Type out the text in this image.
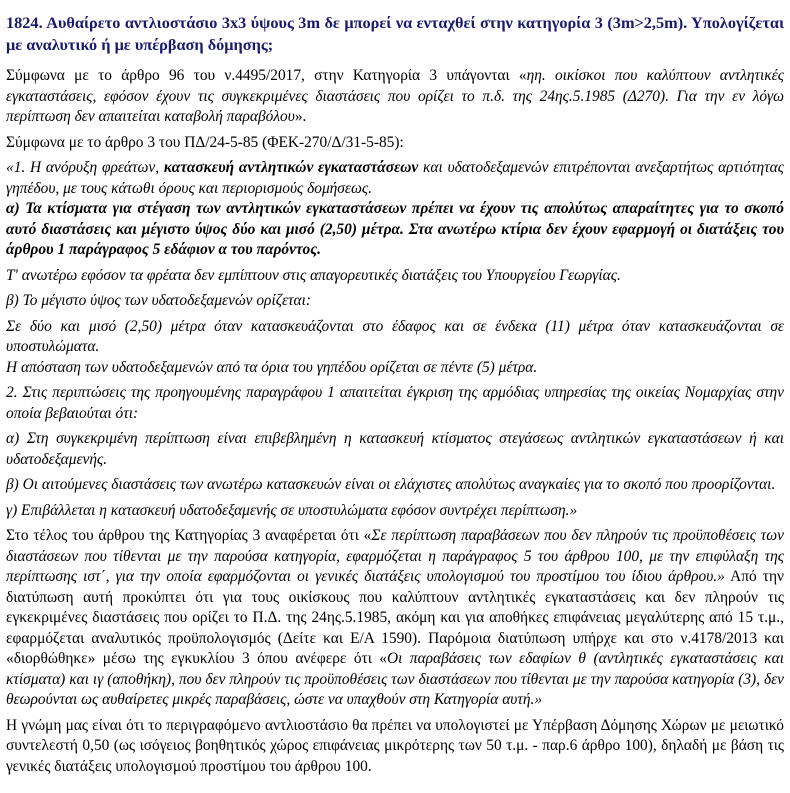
1824. Αυθαίρετο αντλιοστάσιο 3x3 ύψους 3m δε μπορεί να ενταχθεί στην κατηγορία 3 (3m>2,5m). Υπολογίζεται με αναλυτικό ή με υπέρβαση δόμησης;

Σύμφωνα με το άρθρο 96 του ν.4495/2017, στην Κατηγορία 3 υπάγονται «ηη. οικίσκοι που καλύπτουν αντλητικές εγκαταστάσεις, εφόσον έχουν τις συγκεκριμένες διαστάσεις που ορίζει το π.δ. της 24ης.5.1985 (Δ270). Για την εν λόγω περίπτωση δεν απαιτείται καταβολή παραβόλου».

Σύμφωνα με το άρθρο 3 του ΠΔ/24-5-85 (ΦΕΚ-270/Δ/31-5-85):

«1. Η ανόρυξη φρεάτων, κατασκευή αντλητικών εγκαταστάσεων και υδατοδεξαμενών επιτρέπονται ανεξαρτήτως αρτιότητας γηπέδου, με τους κάτωθι όρους και περιορισμούς δομήσεως.

α) Τα κτίσματα για στέγαση των αντλητικών εγκαταστάσεων πρέπει να έχουν τις απολύτως απαραίτητες για το σκοπό αυτό διαστάσεις και μέγιστο ύψος δύο και μισό (2,50) μέτρα. Στα ανωτέρω κτίρια δεν έχουν εφαρμογή οι διατάξεις του άρθρου 1 παράγραφος 5 εδάφιον α του παρόντος.

Τ' ανωτέρω εφόσον τα φρέατα δεν εμπίπτουν στις απαγορευτικές διατάξεις του Υπουργείου Γεωργίας.

β) Το μέγιστο ύψος των υδατοδεξαμενών ορίζεται:

Σε δύο και μισό (2,50) μέτρα όταν κατασκευάζονται στο έδαφος και σε ένδεκα (11) μέτρα όταν κατασκευάζονται σε υποστυλώματα.

Η απόσταση των υδατοδεξαμενών από τα όρια του γηπέδου ορίζεται σε πέντε (5) μέτρα.

2. Στις περιπτώσεις της προηγουμένης παραγράφου 1 απαιτείται έγκριση της αρμόδιας υπηρεσίας της οικείας Νομαρχίας στην οποία βεβαιούται ότι:

α) Στη συγκεκριμένη περίπτωση είναι επιβεβλημένη η κατασκευή κτίσματος στεγάσεως αντλητικών εγκαταστάσεων ή και υδατοδεξαμενής.

β) Οι αιτούμενες διαστάσεις των ανωτέρω κατασκευών είναι οι ελάχιστες απολύτως αναγκαίες για το σκοπό που προορίζονται.

γ) Επιβάλλεται η κατασκευή υδατοδεξαμενής σε υποστυλώματα εφόσον συντρέχει περίπτωση.»

Στο τέλος του άρθρου της Κατηγορίας 3 αναφέρεται ότι «Σε περίπτωση παραβάσεων που δεν πληρούν τις προϋποθέσεις των διαστάσεων που τίθενται με την παρούσα κατηγορία, εφαρμόζεται η παράγραφος 5 του άρθρου 100, με την επιφύλαξη της περίπτωσης ιστ΄, για την οποία εφαρμόζονται οι γενικές διατάξεις υπολογισμού του προστίμου του ίδιου άρθρου.» Από την διατύπωση αυτή προκύπτει ότι για τους οικίσκους που καλύπτουν αντλητικές εγκαταστάσεις και δεν πληρούν τις εγκεκριμένες διαστάσεις που ορίζει το Π.Δ. της 24ης.5.1985, ακόμη και για αποθήκες επιφάνειας μεγαλύτερης από 15 τ.μ., εφαρμόζεται αναλυτικός προϋπολογισμός (Δείτε και Ε/Α 1590). Παρόμοια διατύπωση υπήρχε και στο ν.4178/2013 και «διορθώθηκε» μέσω της εγκυκλίου 3 όπου ανέφερε ότι «Οι παραβάσεις των εδαφίων θ (αντλητικές εγκαταστάσεις και κτίσματα) και ιγ (αποθήκη), που δεν πληρούν τις προϋποθέσεις των διαστάσεων που τίθενται με την παρούσα κατηγορία (3), δεν θεωρούνται ως αυθαίρετες μικρές παραβάσεις, ώστε να υπαχθούν στη Κατηγορία αυτή.»

Η γνώμη μας είναι ότι το περιγραφόμενο αντλιοστάσιο θα πρέπει να υπολογιστεί με Υπέρβαση Δόμησης Χώρων με μειωτικό συντελεστή 0,50 (ως ισόγειος βοηθητικός χώρος επιφάνειας μικρότερης των 50 τ.μ. - παρ.6 άρθρο 100), δηλαδή με βάση τις γενικές διατάξεις υπολογισμού προστίμου του άρθρου 100.
